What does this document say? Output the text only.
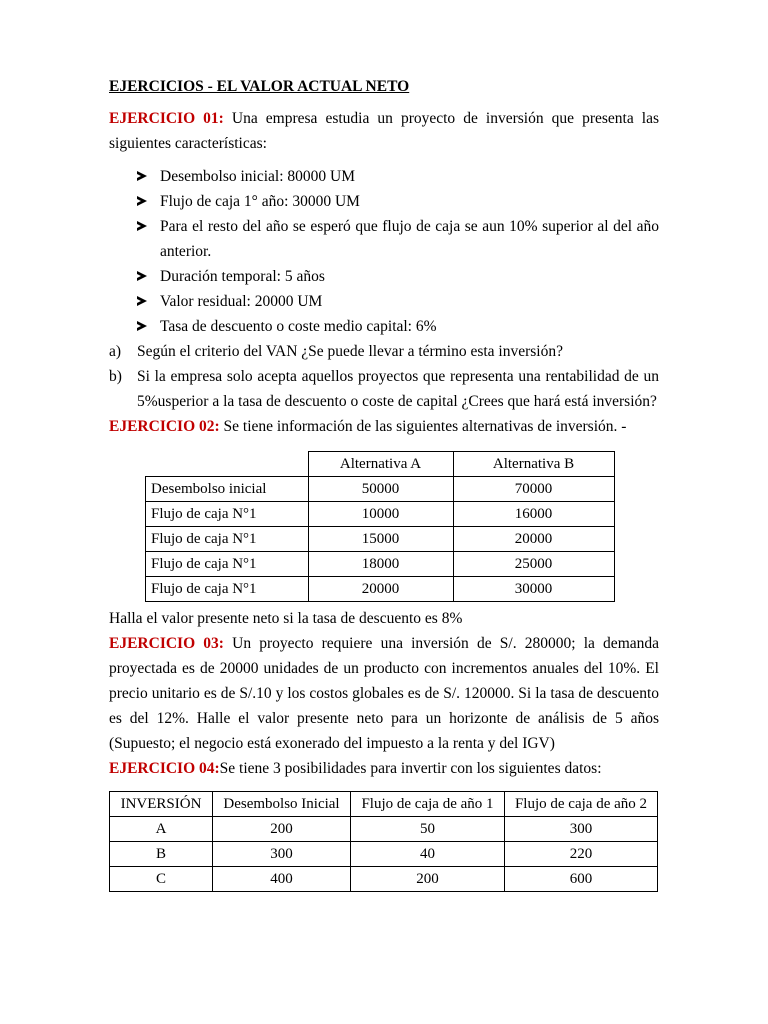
EJERCICIOS - EL VALOR ACTUAL NETO

EJERCICIO 01: Una empresa estudia un proyecto de inversión que presenta las siguientes características:

Desembolso inicial: 80000 UM
Flujo de caja 1° año: 30000 UM
Para el resto del año se esperó que flujo de caja se aun 10% superior al del año anterior.
Duración temporal: 5 años
Valor residual: 20000 UM
Tasa de descuento o coste medio capital: 6%
a) Según el criterio del VAN ¿Se puede llevar a término esta inversión?
b) Si la empresa solo acepta aquellos proyectos que representa una rentabilidad de un 5%usperior a la tasa de descuento o coste de capital ¿Crees que hará está inversión?

EJERCICIO 02: Se tiene información de las siguientes alternativas de inversión. -

	Alternativa A	Alternativa B
Desembolso inicial	50000	70000
Flujo de caja N°1	10000	16000
Flujo de caja N°1	15000	20000
Flujo de caja N°1	18000	25000
Flujo de caja N°1	20000	30000

Halla el valor presente neto si la tasa de descuento es 8%

EJERCICIO 03: Un proyecto requiere una inversión de S/. 280000; la demanda proyectada es de 20000 unidades de un producto con incrementos anuales del 10%. El precio unitario es de S/.10 y los costos globales es de S/. 120000. Si la tasa de descuento es del 12%. Halle el valor presente neto para un horizonte de análisis de 5 años (Supuesto; el negocio está exonerado del impuesto a la renta y del IGV)

EJERCICIO 04:Se tiene 3 posibilidades para invertir con los siguientes datos:

INVERSIÓN	Desembolso Inicial	Flujo de caja de año 1	Flujo de caja de año 2
A	200	50	300
B	300	40	220
C	400	200	600
